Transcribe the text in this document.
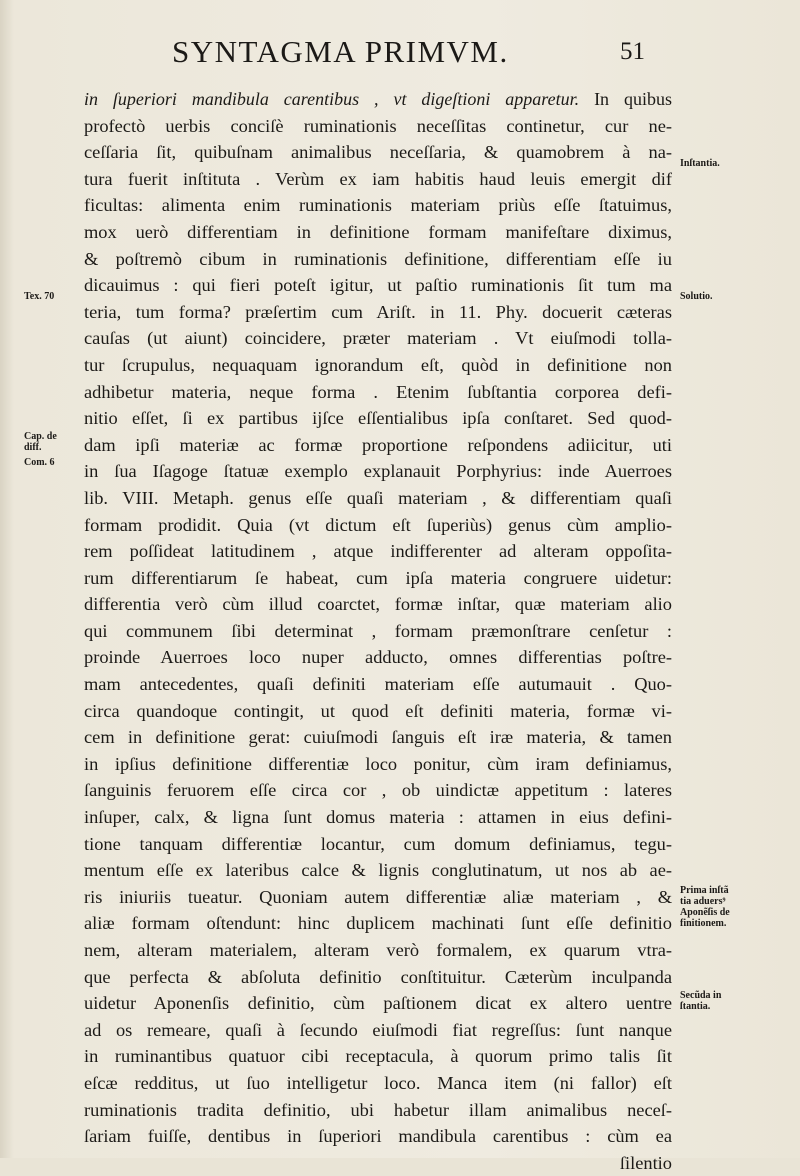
SYNTAGMA PRIMVM.	51
in ſuperiori mandibula carentibus , vt digeſtioni apparetur. In quibus
profectò uerbis conciſè ruminationis neceſſitas continetur, cur ne-
ceſſaria ſit, quibuſnam animalibus neceſſaria, & quamobrem à na-
tura fuerit inſtituta . Verùm ex iam habitis haud leuis emergit dif
ficultas: alimenta enim ruminationis materiam priùs eſſe ſtatuimus,
mox uerò differentiam in definitione formam manifeſtare diximus,
& poſtremò cibum in ruminationis definitione, differentiam eſſe iu
dicauimus : qui fieri poteſt igitur, ut paſtio ruminationis ſit tum ma
teria, tum forma? præſertim cum Ariſt. in 11. Phy. docuerit cæteras
cauſas (ut aiunt) coincidere, præter materiam . Vt eiuſmodi tolla-
tur ſcrupulus, nequaquam ignorandum eſt, quòd in definitione non
adhibetur materia, neque forma . Etenim ſubſtantia corporea defi-
nitio eſſet, ſi ex partibus ijſce eſſentialibus ipſa conſtaret. Sed quod-
dam ipſi materiæ ac formæ proportione reſpondens adiicitur, uti
in ſua Iſagoge ſtatuæ exemplo explanauit Porphyrius: inde Auerroes
lib. VIII. Metaph. genus eſſe quaſi materiam , & differentiam quaſi
formam prodidit. Quia (vt dictum eſt ſuperiùs) genus cùm amplio-
rem poſſideat latitudinem , atque indifferenter ad alteram oppoſita-
rum differentiarum ſe habeat, cum ipſa materia congruere uidetur:
differentia verò cùm illud coarctet, formæ inſtar, quæ materiam alio
qui communem ſibi determinat , formam præmonſtrare cenſetur :
proinde Auerroes loco nuper adducto, omnes differentias poſtre-
mam antecedentes, quaſi definiti materiam eſſe autumauit . Quo-
circa quandoque contingit, ut quod eſt definiti materia, formæ vi-
cem in definitione gerat: cuiuſmodi ſanguis eſt iræ materia, & tamen
in ipſius definitione differentiæ loco ponitur, cùm iram definiamus,
ſanguinis feruorem eſſe circa cor , ob uindictæ appetitum : lateres
inſuper, calx, & ligna ſunt domus materia : attamen in eius defini-
tione tanquam differentiæ locantur, cum domum definiamus, tegu-
mentum eſſe ex lateribus calce & lignis conglutinatum, ut nos ab ae-
ris iniuriis tueatur. Quoniam autem differentiæ aliæ materiam , &
aliæ formam oſtendunt: hinc duplicem machinati ſunt eſſe definitio
nem, alteram materialem, alteram verò formalem, ex quarum vtra-
que perfecta & abſoluta definitio conſtituitur. Cæterùm inculpanda
uidetur Aponenſis definitio, cùm paſtionem dicat ex altero uentre
ad os remeare, quaſi à ſecundo eiuſmodi fiat regreſſus: ſunt nanque
in ruminantibus quatuor cibi receptacula, à quorum primo talis ſit
eſcæ redditus, ut ſuo intelligetur loco. Manca item (ni fallor) eſt
ruminationis tradita definitio, ubi habetur illam animalibus neceſ-
ſariam fuiſſe, dentibus in ſuperiori mandibula carentibus : cùm ea
ſilentio
Inſtantia.
Tex. 70	Solutio.
Cap. de
diff.
Com. 6
Prima inſtã
tia aduers⁹
Aponẽſis de
finitionem.
Secũda in
ſtantia.
